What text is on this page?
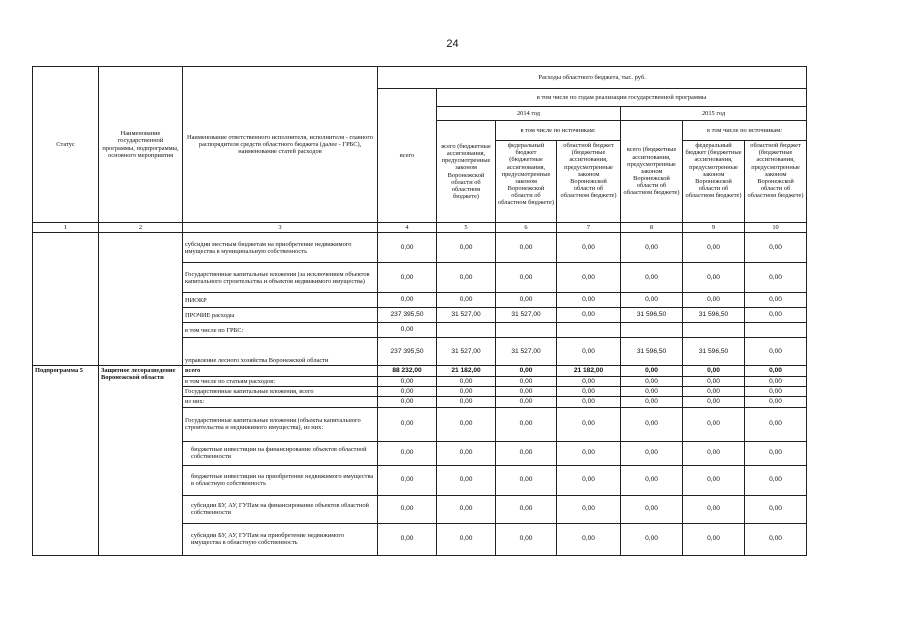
24
Статус	Наименование государственной программы, подпрограммы, основного мероприятия	Наименование ответственного исполнителя, исполнителя - главного распорядителя средств областного бюджета (далее - ГРБС), наименование статей расходов	Расходы областного бюджета, тыс. руб.						
			всего	в том числе по годам реализации государственной программы					
				2014 год			2015 год		
				всего (бюджетные ассигнования, предусмотренные законом Воронежской области об областном бюджете)	в том числе по источникам:		всего (бюджетные ассигнования, предусмотренные законом Воронежской области об областном бюджете)	в том числе по источникам:	
					федеральный бюджет (бюджетные ассигнования, предусмотренные законом Воронежской области об областном бюджете)	областной бюджет (бюджетные ассигнования, предусмотренные законом Воронежской области об областном бюджете)		федеральный бюджет (бюджетные ассигнования, предусмотренные законом Воронежской области об областном бюджете)	областной бюджет (бюджетные ассигнования, предусмотренные законом Воронежской области об областном бюджете)
1	2	3	4	5	6	7	8	9	10
		субсидии местным бюджетам на приобретение недвижимого имущества в муниципальную собственность	0,00	0,00	0,00	0,00	0,00	0,00	0,00
		Государственные капитальные вложения (за исключением объектов капитального строительства и объектов недвижимого имущества)	0,00	0,00	0,00	0,00	0,00	0,00	0,00
		НИОКР	0,00	0,00	0,00	0,00	0,00	0,00	0,00
		ПРОЧИЕ расходы	237 395,50	31 527,00	31 527,00	0,00	31 596,50	31 596,50	0,00
		в том числе по ГРБС:	0,00						
		управление лесного хозяйства Воронежской области	237 395,50	31 527,00	31 527,00	0,00	31 596,50	31 596,50	0,00
Подпрограмма 5	Защитное лесоразведение Воронежской области	всего	88 232,00	21 182,00	0,00	21 182,00	0,00	0,00	0,00
		в том числе по статьям расходов:	0,00	0,00	0,00	0,00	0,00	0,00	0,00
		Государственные капитальные вложения, всего	0,00	0,00	0,00	0,00	0,00	0,00	0,00
		из них:	0,00	0,00	0,00	0,00	0,00	0,00	0,00
		Государственные капитальные вложения (объекты капитального строительства и недвижимого имущества), из них:	0,00	0,00	0,00	0,00	0,00	0,00	0,00
		бюджетные инвестиции на финансирование объектов областной собственности	0,00	0,00	0,00	0,00	0,00	0,00	0,00
		бюджетные инвестиции на приобретение недвижимого имущества в областную собственность	0,00	0,00	0,00	0,00	0,00	0,00	0,00
		субсидии БУ, АУ, ГУПам на финансирование объектов областной собственности	0,00	0,00	0,00	0,00	0,00	0,00	0,00
		субсидии БУ, АУ, ГУПам на приобретение недвижимого имущества в областную собственность	0,00	0,00	0,00	0,00	0,00	0,00	0,00
